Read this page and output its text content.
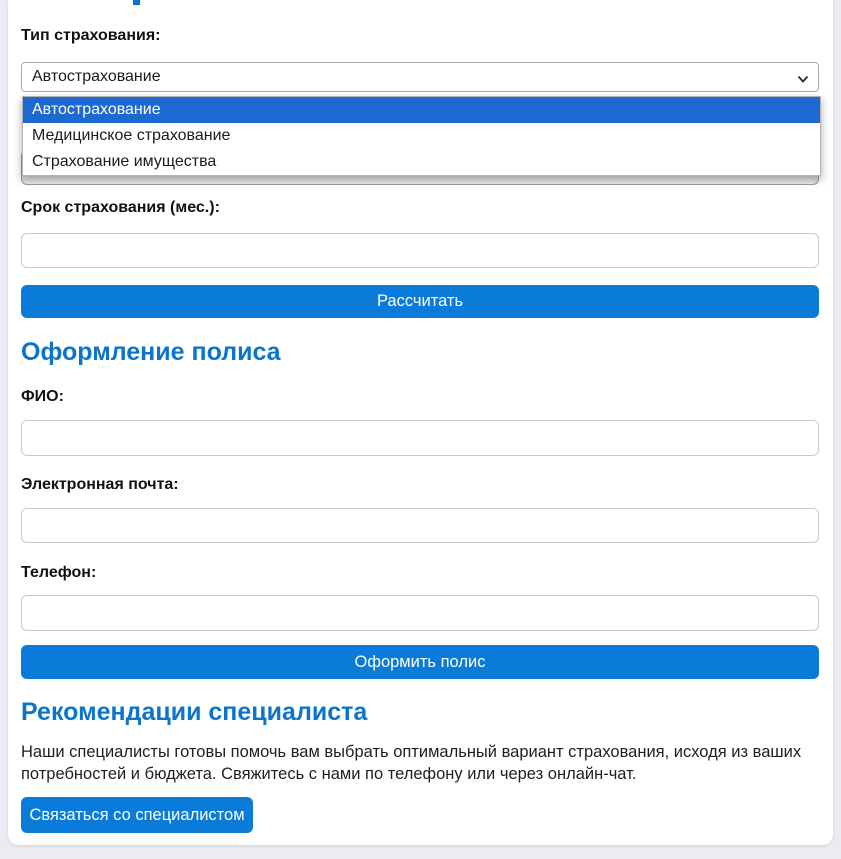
Тип страхования:
Автострахование
Автострахование
Медицинское страхование
Страхование имущества
Срок страхования (мес.):
Рассчитать
Оформление полиса
ФИО:
Электронная почта:
Телефон:
Оформить полис
Рекомендации специалиста
Наши специалисты готовы помочь вам выбрать оптимальный вариант страхования, исходя из ваших потребностей и бюджета. Свяжитесь с нами по телефону или через онлайн-чат.
Связаться со специалистом
